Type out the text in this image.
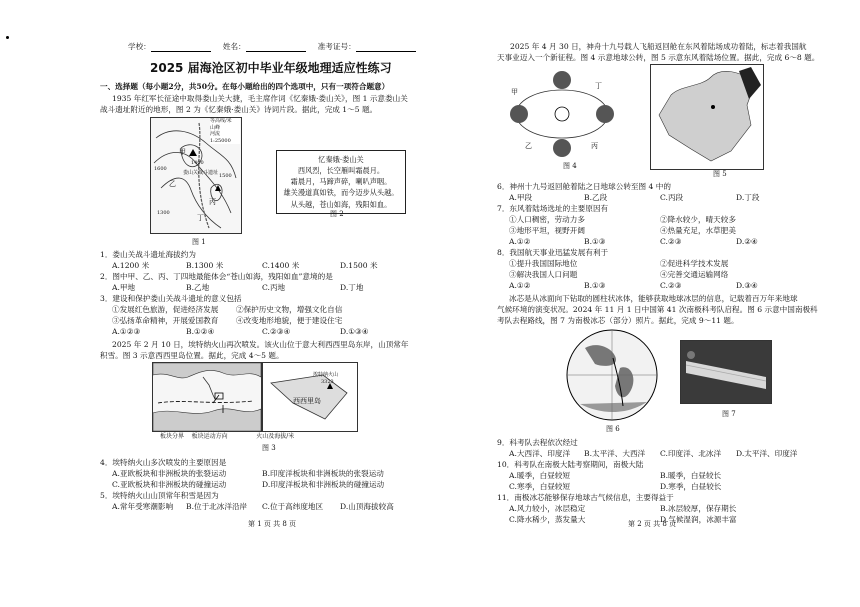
学校：	姓名：	准考证号：
2025 届海沧区初中毕业年级地理适应性练习
一、选择题（每小题2分，共50分。在每小题给出的四个选项中，只有一项符合题意）
1935 年红军长征途中取得娄山关大捷，毛主席作词《忆秦娥·娄山关》，图 1 示意娄山关
战斗遗址附近的地形，图 2 为《忆秦娥·娄山关》诗词片段。据此，完成 1～5 题。
甲
乙
丙
丁
1400
1600
1500
1300
娄山关战斗遗址
等高线/米
山峰
河流
1:25000
图 1
忆秦娥·娄山关
西风烈，长空雁叫霜晨月。
霜晨月，马蹄声碎，喇叭声咽。
雄关漫道真如铁，而今迈步从头越。
从头越，苍山如海，残阳如血。
图 2
1．娄山关战斗遗址海拔约为
A.1200 米	B.1300 米	C.1400 米	D.1500 米
2．图中甲、乙、丙、丁四地最能体会“苍山如海，残阳如血”意境的是
A.甲地	B.乙地	C.丙地	D.丁地
3．建设和保护娄山关战斗遗址的意义包括
①发展红色旅游，促进经济发展 ②保护历史文物，增强文化自信
③弘扬革命精神，开展爱国教育 ④改变地形地貌，便于建设住宅
A.①②③	B.①②④	C.②③④	D.①③④
2025 年 2 月 10 日，埃特纳火山再次喷发。该火山位于意大利西西里岛东岸，山顶常年
积雪。图 3 示意西西里岛位置。据此，完成 4～5 题。
西西里岛
埃特纳火山
3323
板块分界 板块运动方向	火山及海拔/米
图 3
4．埃特纳火山多次喷发的主要原因是
A.亚欧板块和非洲板块的张裂运动	B.印度洋板块和非洲板块的张裂运动
C.亚欧板块和非洲板块的碰撞运动	D.印度洋板块和非洲板块的碰撞运动
5．埃特纳火山山顶常年积雪是因为
A.常年受寒潮影响 B.位于北冰洋沿岸 C.位于高纬度地区 D.山顶海拔较高
第 1 页 共 8 页
2025 年 4 月 30 日，神舟十九号载人飞船返回舱在东风着陆场成功着陆，标志着我国航
天事业迈入一个新征程。图 4 示意地球公转，图 5 示意东风着陆场位置。据此，完成 6～8 题。
甲
乙	丙
丁
图 4
图 5
6．神州十九号返回舱着陆之日地球公转至图 4 中的
A.甲段	B.乙段	C.丙段	D.丁段
7．东风着陆场选址的主要原因有
①人口稠密，劳动力多	②降水较少，晴天较多
③地形平坦，视野开阔	④热量充足，水草肥美
A.①②	B.①③	C.②③	D.②④
8．我国航天事业迅猛发展有利于
①提升我国国际地位	②促进科学技术发展
③解决我国人口问题	④完善交通运输网络
A.①②	B.①③	C.②③	D.③④
冰芯是从冰面向下钻取的圆柱状冰体，能够获取地球冰层的信息，记载着百万年来地球
气候环境的演变状况。2024 年 11 月 1 日中国第 41 次南极科考队启程。图 6 示意中国南极科
考队去程路线，图 7 为南极冰芯（部分）照片。据此，完成 9～11 题。
图 6
图 7
9．科考队去程依次经过
A.大西洋、印度洋 B.太平洋、大西洋 C.印度洋、北冰洋 D.太平洋、印度洋
10．科考队在南极大陆考察期间，南极大陆
A.暖季，白昼较短	B.暖季，白昼较长
C.寒季，白昼较短	D.寒季，白昼较长
11．南极冰芯能够保存地球古气候信息，主要得益于
A.风力较小，冰层稳定	B.冰层较厚，保存期长
C.降水稀少，蒸发量大	D.气候湿润，冰源丰富
第 2 页 共 8 页
